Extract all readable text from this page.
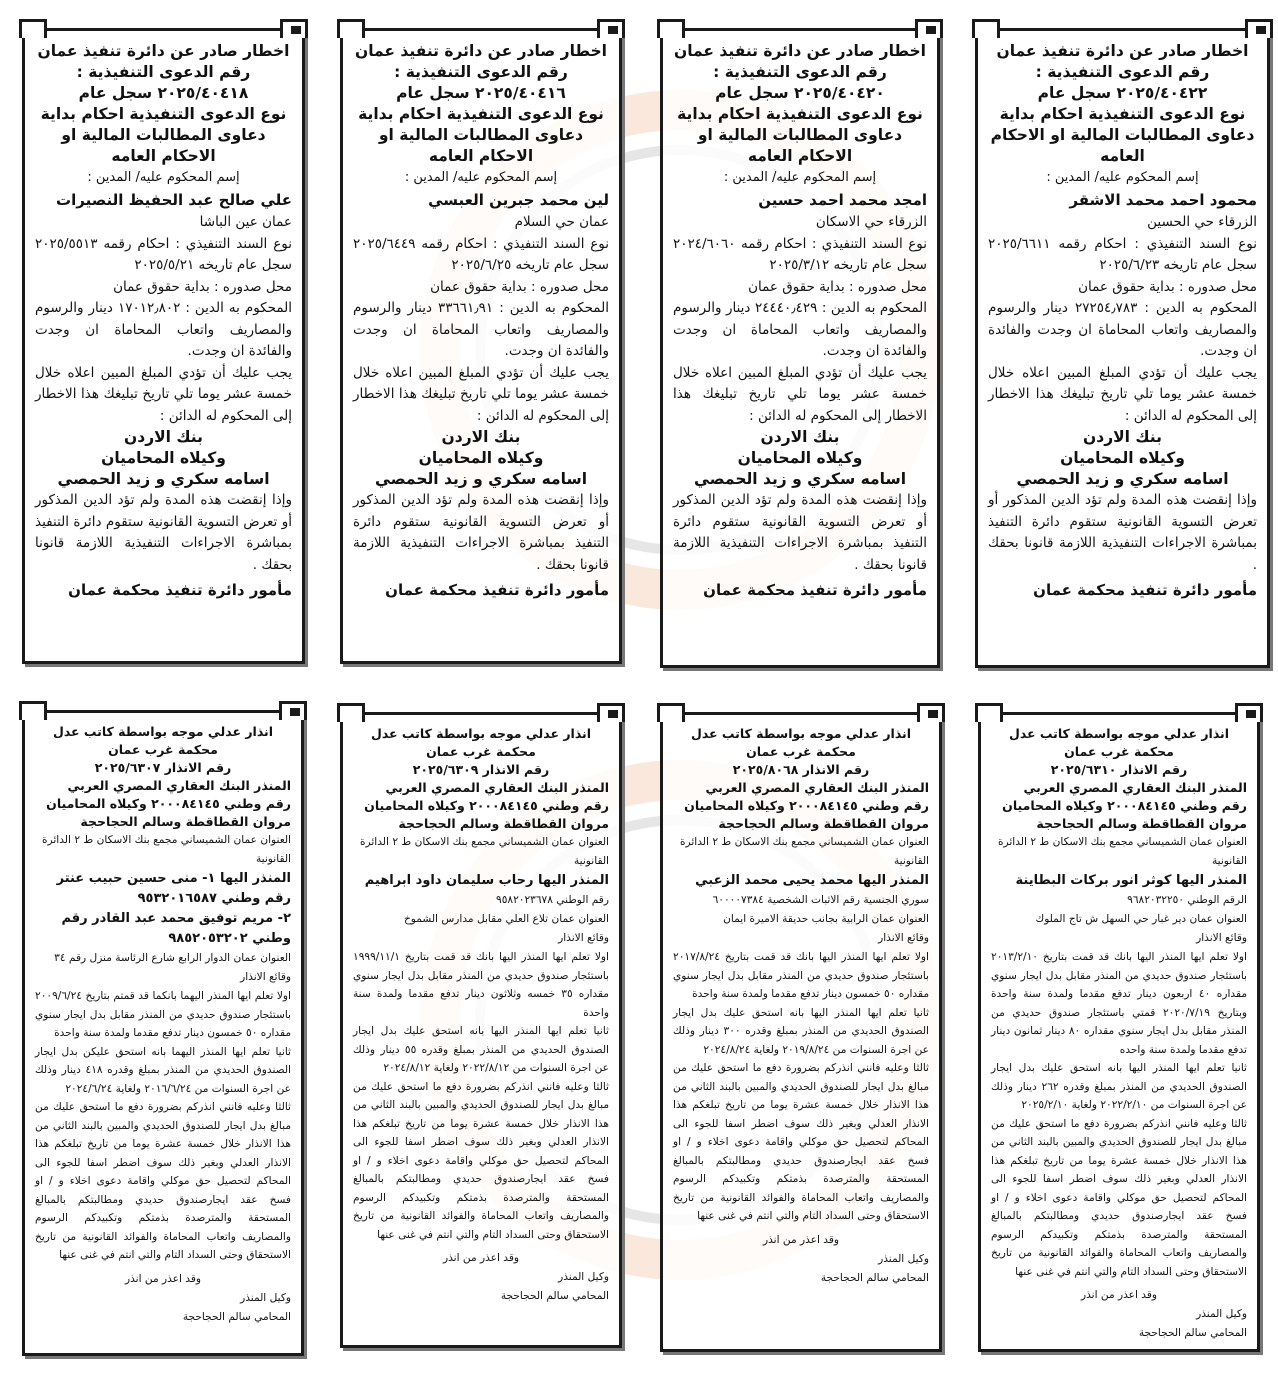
اخطار صادر عن دائرة تنفيذ عمان
رقم الدعوى التنفيذية :
٢٠٢٥/٤٠٤٢٢ سجل عام
نوع الدعوى التنفيذية احكام بداية دعاوى المطالبات المالية او الاحكام العامه
إسم المحكوم عليه/ المدين :
محمود احمد محمد الاشقر
الزرقاء حي الحسين
نوع السند التنفيذي : احكام رقمه ٢٠٢٥/٦٦١١ سجل عام تاريخه ٢٠٢٥/٦/٢٣
محل صدوره : بداية حقوق عمان
المحكوم به الدين : ٢٧٢٥٤٫٧٨٣ دينار والرسوم والمصاريف واتعاب المحاماة ان وجدت والفائدة ان وجدت.
يجب عليك أن تؤدي المبلغ المبين اعلاه خلال خمسة عشر يوما تلي تاريخ تبليغك هذا الاخطار إلى المحكوم له الدائن :
بنك الاردن
وكيلاه المحاميان
اسامه سكري و زيد الحمصي
وإذا إنقضت هذه المدة ولم تؤد الدين المذكور أو تعرض التسوية القانونية ستقوم دائرة التنفيذ بمباشرة الاجراءات التنفيذية اللازمة قانونا بحقك .
مأمور دائرة تنفيذ محكمة عمان
اخطار صادر عن دائرة تنفيذ عمان
رقم الدعوى التنفيذية :
٢٠٢٥/٤٠٤٢٠ سجل عام
نوع الدعوى التنفيذية احكام بداية دعاوى المطالبات المالية او الاحكام العامه
إسم المحكوم عليه/ المدين :
امجد محمد احمد حسين
الزرقاء حي الاسكان
نوع السند التنفيذي : احكام رقمه ٢٠٢٤/٦٠٦٠ سجل عام تاريخه ٢٠٢٥/٣/١٢
محل صدوره : بداية حقوق عمان
المحكوم به الدين : ٢٤٤٤٠٫٤٢٩ دينار والرسوم والمصاريف واتعاب المحاماة ان وجدت والفائدة ان وجدت.
يجب عليك أن تؤدي المبلغ المبين اعلاه خلال خمسة عشر يوما تلي تاريخ تبليغك هذا الاخطار إلى المحكوم له الدائن :
بنك الاردن
وكيلاه المحاميان
اسامه سكري و زيد الحمصي
وإذا إنقضت هذه المدة ولم تؤد الدين المذكور أو تعرض التسوية القانونية ستقوم دائرة التنفيذ بمباشرة الاجراءات التنفيذية اللازمة قانونا بحقك .
مأمور دائرة تنفيذ محكمة عمان
اخطار صادر عن دائرة تنفيذ عمان
رقم الدعوى التنفيذية :
٢٠٢٥/٤٠٤١٦ سجل عام
نوع الدعوى التنفيذية احكام بداية دعاوى المطالبات المالية او الاحكام العامه
إسم المحكوم عليه/ المدين :
لين محمد جبرين العبسي
عمان حي السلام
نوع السند التنفيذي : احكام رقمه ٢٠٢٥/٦٤٤٩ سجل عام تاريخه ٢٠٢٥/٦/٢٥
محل صدوره : بداية حقوق عمان
المحكوم به الدين : ٣٣٦٦١٫٩١ دينار والرسوم والمصاريف واتعاب المحاماة ان وجدت والفائدة ان وجدت.
يجب عليك أن تؤدي المبلغ المبين اعلاه خلال خمسة عشر يوما تلي تاريخ تبليغك هذا الاخطار إلى المحكوم له الدائن :
بنك الاردن
وكيلاه المحاميان
اسامه سكري و زيد الحمصي
وإذا إنقضت هذه المدة ولم تؤد الدين المذكور أو تعرض التسوية القانونية ستقوم دائرة التنفيذ بمباشرة الاجراءات التنفيذية اللازمة قانونا بحقك .
مأمور دائرة تنفيذ محكمة عمان
اخطار صادر عن دائرة تنفيذ عمان
رقم الدعوى التنفيذية :
٢٠٢٥/٤٠٤١٨ سجل عام
نوع الدعوى التنفيذية احكام بداية دعاوى المطالبات المالية او الاحكام العامه
إسم المحكوم عليه/ المدين :
علي صالح عبد الحفيظ النصيرات
عمان عين الباشا
نوع السند التنفيذي : احكام رقمه ٢٠٢٥/٥٥١٣ سجل عام تاريخه ٢٠٢٥/٥/٢١
محل صدوره : بداية حقوق عمان
المحكوم به الدين : ١٧٠١٢٫٨٠٢ دينار والرسوم والمصاريف واتعاب المحاماة ان وجدت والفائدة ان وجدت.
يجب عليك أن تؤدي المبلغ المبين اعلاه خلال خمسة عشر يوما تلي تاريخ تبليغك هذا الاخطار إلى المحكوم له الدائن :
بنك الاردن
وكيلاه المحاميان
اسامه سكري و زيد الحمصي
وإذا إنقضت هذه المدة ولم تؤد الدين المذكور أو تعرض التسوية القانونية ستقوم دائرة التنفيذ بمباشرة الاجراءات التنفيذية اللازمة قانونا بحقك .
مأمور دائرة تنفيذ محكمة عمان
انذار عدلي موجه بواسطة كاتب عدل
محكمة غرب عمان
رقم الانذار ٢٠٢٥/٦٣١٠
المنذر البنك العقاري المصري العربي
رقم وطني ٢٠٠٠٨٤١٤٥ وكيلاه المحاميان مروان القطاقطة وسالم الحجاحجة
العنوان عمان الشميساني مجمع بنك الاسكان ط ٢ الدائرة القانونية
المنذر اليها كوثر انور بركات البطاينة
الرقم الوطني ٩٦٨٢٠٣٢٢٥٠
العنوان عمان دير غبار حي السهل ش تاج الملوك
وقائع الانذار
اولا تعلم ايها المنذر اليها بانك قد قمت بتاريخ ٢٠١٣/٢/١٠ باستئجار صندوق حديدي من المنذر مقابل بدل ايجار سنوي مقداره ٤٠ اربعون دينار تدفع مقدما ولمدة سنة واحدة وبتاريخ ٢٠٢٠/٧/١٩ قمتي باستئجار صندوق حديدي من المنذر مقابل بدل ايجار سنوي مقداره ٨٠ دينار ثمانون دينار تدفع مقدما ولمدة سنة واحده
ثانيا تعلم ايها المنذر اليها بانه استحق عليك بدل ايجار الصندوق الحديدي من المنذر بمبلغ وقدره ٢٦٢ دينار وذلك عن اجرة السنوات من ٢٠٢٢/٢/١٠ ولغاية ٢٠٢٥/٢/١٠
ثالثا وعليه فانني انذركم بضرورة دفع ما استحق عليك من مبالغ بدل ايجار للصندوق الحديدي والمبين بالبند الثاني من هذا الانذار خلال خمسة عشرة يوما من تاريخ تبلغكم هذا الانذار العدلي وبغير ذلك سوف اضطر اسفا للجوء الى المحاكم لتحصيل حق موكلي واقامة دعوى اخلاء و / او فسخ عقد ايجارصندوق حديدي ومطالبتكم بالمبالغ المستحقة والمترصدة بذمتكم وتكبيدكم الرسوم والمصاريف واتعاب المحاماة والفوائد القانونية من تاريخ الاستحقاق وحتى السداد التام والتي انتم في غنى عنها
وقد اعذر من انذر
وكيل المنذر
المحامي سالم الحجاحجة
انذار عدلي موجه بواسطة كاتب عدل
محكمة غرب عمان
رقم الانذار ٢٠٢٥/٨٠٦٨
المنذر البنك العقاري المصري العربي
رقم وطني ٢٠٠٠٨٤١٤٥ وكيلاه المحاميان مروان القطاقطة وسالم الحجاحجة
العنوان عمان الشميساني مجمع بنك الاسكان ط ٢ الدائرة القانونية
المنذر اليها محمد يحيى محمد الزعبي
سوري الجنسية رقم الاثبات الشخصية ٦٠٠٠٠٧٣٨٤
العنوان عمان الرابية بجانب حديقة الاميرة ايمان
وقائع الانذار
اولا تعلم ايها المنذر اليها بانك قد قمت بتاريخ ٢٠١٧/٨/٢٤ باستئجار صندوق حديدي من المنذر مقابل بدل ايجار سنوي مقداره ٥٠ خمسون دينار تدفع مقدما ولمدة سنة واحدة
ثانيا تعلم ايها المنذر اليها بانه استحق عليك بدل ايجار الصندوق الحديدي من المنذر بمبلغ وقدره ٣٠٠ دينار وذلك عن اجرة السنوات من ٢٠١٩/٨/٢٤ ولغاية ٢٠٢٤/٨/٢٤
ثالثا وعليه فانني انذركم بضرورة دفع ما استحق عليك من مبالغ بدل ايجار للصندوق الحديدي والمبين بالبند الثاني من هذا الانذار خلال خمسة عشرة يوما من تاريخ تبلغكم هذا الانذار العدلي وبغير ذلك سوف اضطر اسفا للجوء الى المحاكم لتحصيل حق موكلي واقامة دعوى اخلاء و / او فسخ عقد ايجارصندوق حديدي ومطالبتكم بالمبالغ المستحقة والمترصدة بذمتكم وتكبيدكم الرسوم والمصاريف واتعاب المحاماة والفوائد القانونية من تاريخ الاستحقاق وحتى السداد التام والتي انتم في غنى عنها
وقد اعذر من انذر
وكيل المنذر
المحامي سالم الحجاحجة
انذار عدلي موجه بواسطة كاتب عدل
محكمة غرب عمان
رقم الانذار ٢٠٢٥/٦٣٠٩
المنذر البنك العقاري المصري العربي
رقم وطني ٢٠٠٠٨٤١٤٥ وكيلاه المحاميان مروان القطاقطة وسالم الحجاحجة
العنوان عمان الشميساني مجمع بنك الاسكان ط ٢ الدائرة القانونية
المنذر اليها رحاب سليمان داود ابراهيم
رقم الوطني ٩٥٨٢٠٢٣٦٧٨
العنوان عمان تلاع العلي مقابل مدارس الشموخ
وقائع الانذار
اولا تعلم ايها المنذر اليها بانك قد قمت بتاريخ ١٩٩٩/١١/١ باستئجار صندوق حديدي من المنذر مقابل بدل ايجار سنوي مقداره ٣٥ خمسه وثلاثون دينار تدفع مقدما ولمدة سنة واحدة
ثانيا تعلم ايها المنذر اليها بانه استحق عليك بدل ايجار الصندوق الحديدي من المنذر بمبلغ وقدره ٥٥ دينار وذلك عن اجرة السنوات من ٢٠٢٢/٨/١٢ ولغاية ٢٠٢٤/٨/١٢
ثالثا وعليه فانني انذركم بضرورة دفع ما استحق عليك من مبالغ بدل ايجار للصندوق الحديدي والمبين بالبند الثاني من هذا الانذار خلال خمسة عشرة يوما من تاريخ تبلغكم هذا الانذار العدلي وبغير ذلك سوف اضطر اسفا للجوء الى المحاكم لتحصيل حق موكلي واقامة دعوى اخلاء و / او فسخ عقد ايجارصندوق حديدي ومطالبتكم بالمبالغ المستحقة والمترصدة بذمتكم وتكبيدكم الرسوم والمصاريف واتعاب المحاماة والفوائد القانونية من تاريخ الاستحقاق وحتى السداد التام والتي انتم في غنى عنها
وقد اعذر من انذر
وكيل المنذر
المحامي سالم الحجاحجة
انذار عدلي موجه بواسطة كاتب عدل
محكمة غرب عمان
رقم الانذار ٢٠٢٥/٦٣٠٧
المنذر البنك العقاري المصري العربي
رقم وطني ٢٠٠٠٨٤١٤٥ وكيلاه المحاميان مروان القطاقطة وسالم الحجاحجة
العنوان عمان الشميساني مجمع بنك الاسكان ط ٢ الدائرة القانونية
المنذر اليها ١- منى حسين حبيب عنتر رقم وطني ٩٥٣٢٠١٦٥٨٧
٢- مريم توفيق محمد عبد القادر رقم وطني ٩٨٥٢٠٥٣٢٠٢
العنوان عمان الدوار الرابع شارع الرئاسة منزل رقم ٣٤
وقائع الانذار
اولا تعلم ايها المنذر اليهما بانكما قد قمتم بتاريخ ٢٠٠٩/٦/٢٤ باستئجار صندوق حديدي من المنذر مقابل بدل ايجار سنوي مقداره ٥٠ خمسون دينار تدفع مقدما ولمدة سنة واحدة
ثانيا تعلم ايها المنذر اليهما بانه استحق عليكن بدل ايجار الصندوق الحديدي من المنذر بمبلغ وقدره ٤١٨ دينار وذلك عن اجرة السنوات من ٢٠١٦/٦/٢٤ ولغاية ٢٠٢٤/٦/٢٤
ثالثا وعليه فانني انذركم بضرورة دفع ما استحق عليك من مبالغ بدل ايجار للصندوق الحديدي والمبين بالبند الثاني من هذا الانذار خلال خمسة عشرة يوما من تاريخ تبلغكم هذا الانذار العدلي وبغير ذلك سوف اضطر اسفا للجوء الى المحاكم لتحصيل حق موكلي واقامة دعوى اخلاء و / او فسخ عقد ايجارصندوق حديدي ومطالبتكم بالمبالغ المستحقة والمترصدة بذمتكم وتكبيدكم الرسوم والمصاريف واتعاب المحاماة والفوائد القانونية من تاريخ الاستحقاق وحتى السداد التام والتي انتم في غنى عنها
وقد اعذر من انذر
وكيل المنذر
المحامي سالم الحجاحجة
